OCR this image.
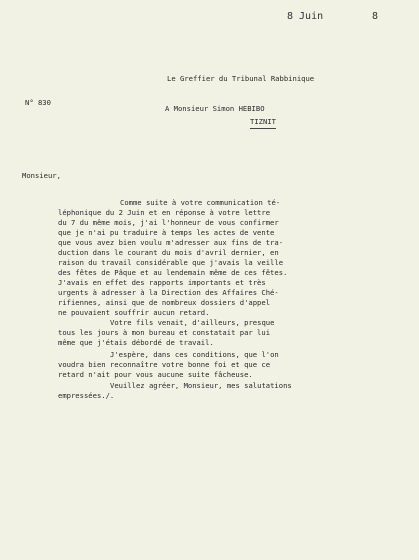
8 Juin	8
Le Greffier du Tribunal Rabbinique
N° 830
A Monsieur Simon HEBIBO
TIZNIT
Monsieur,
Comme suite à votre communication té-
léphonique du 2 Juin et en réponse à votre lettre
du 7 du même mois, j'ai l'honneur de vous confirmer
que je n'ai pu traduire à temps les actes de vente
que vous avez bien voulu m'adresser aux fins de tra-
duction dans le courant du mois d'avril dernier, en
raison du travail considérable que j'avais la veille
des fêtes de Pâque et au lendemain même de ces fêtes.
J'avais en effet des rapports importants et très
urgents à adresser à la Direction des Affaires Ché-
rifiennes, ainsi que de nombreux dossiers d'appel
ne pouvaient souffrir aucun retard.
Votre fils venait, d'ailleurs, presque
tous les jours à mon bureau et constatait par lui
même que j'étais débordé de travail.
J'espère, dans ces conditions, que l'on
voudra bien reconnaître votre bonne foi et que ce
retard n'ait pour vous aucune suite fâcheuse.
Veuillez agréer, Monsieur, mes salutations
empressées./.
